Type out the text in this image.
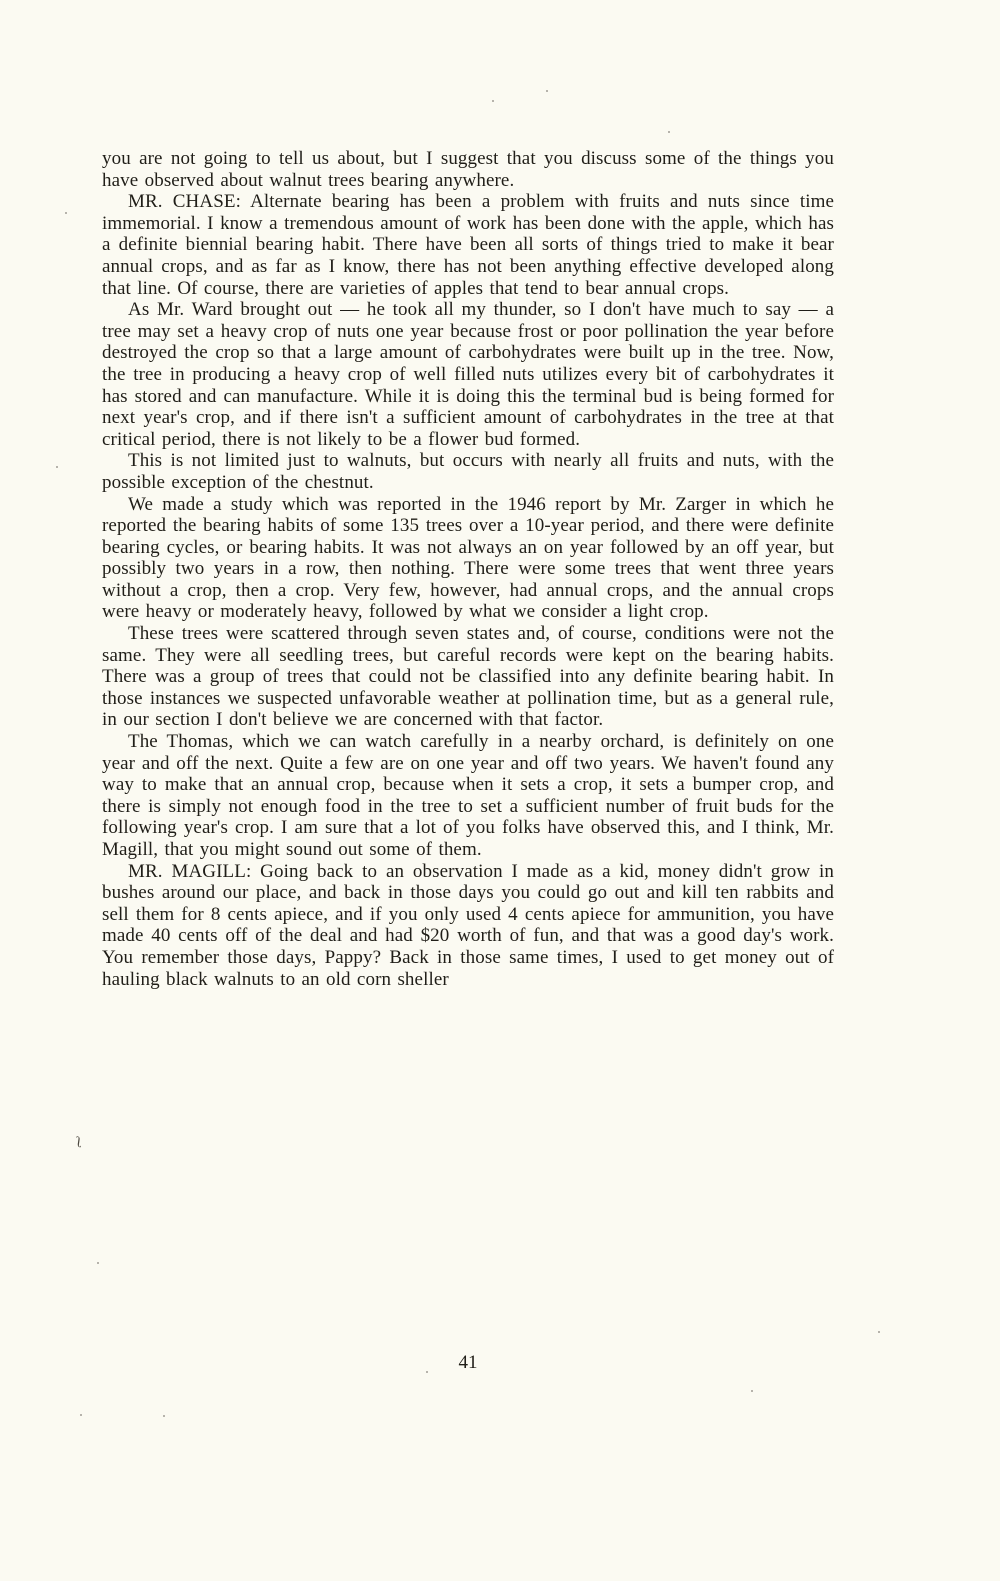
you are not going to tell us about, but I suggest that you discuss some of the things you have observed about walnut trees bearing anywhere.

MR. CHASE: Alternate bearing has been a problem with fruits and nuts since time immemorial. I know a tremendous amount of work has been done with the apple, which has a definite biennial bearing habit. There have been all sorts of things tried to make it bear annual crops, and as far as I know, there has not been anything effective developed along that line. Of course, there are varieties of apples that tend to bear annual crops.

As Mr. Ward brought out — he took all my thunder, so I don't have much to say — a tree may set a heavy crop of nuts one year because frost or poor pollination the year before destroyed the crop so that a large amount of carbohydrates were built up in the tree. Now, the tree in producing a heavy crop of well filled nuts utilizes every bit of carbohydrates it has stored and can manufacture. While it is doing this the terminal bud is being formed for next year's crop, and if there isn't a sufficient amount of carbohydrates in the tree at that critical period, there is not likely to be a flower bud formed.

This is not limited just to walnuts, but occurs with nearly all fruits and nuts, with the possible exception of the chestnut.

We made a study which was reported in the 1946 report by Mr. Zarger in which he reported the bearing habits of some 135 trees over a 10-year period, and there were definite bearing cycles, or bearing habits. It was not always an on year followed by an off year, but possibly two years in a row, then nothing. There were some trees that went three years without a crop, then a crop. Very few, however, had annual crops, and the annual crops were heavy or moderately heavy, followed by what we consider a light crop.

These trees were scattered through seven states and, of course, conditions were not the same. They were all seedling trees, but careful records were kept on the bearing habits. There was a group of trees that could not be classified into any definite bearing habit. In those instances we suspected unfavorable weather at pollination time, but as a general rule, in our section I don't believe we are concerned with that factor.

The Thomas, which we can watch carefully in a nearby orchard, is definitely on one year and off the next. Quite a few are on one year and off two years. We haven't found any way to make that an annual crop, because when it sets a crop, it sets a bumper crop, and there is simply not enough food in the tree to set a sufficient number of fruit buds for the following year's crop. I am sure that a lot of you folks have observed this, and I think, Mr. Magill, that you might sound out some of them.

MR. MAGILL: Going back to an observation I made as a kid, money didn't grow in bushes around our place, and back in those days you could go out and kill ten rabbits and sell them for 8 cents apiece, and if you only used 4 cents apiece for ammunition, you have made 40 cents off of the deal and had $20 worth of fun, and that was a good day's work. You remember those days, Pappy? Back in those same times, I used to get money out of hauling black walnuts to an old corn sheller

41
ʅ
